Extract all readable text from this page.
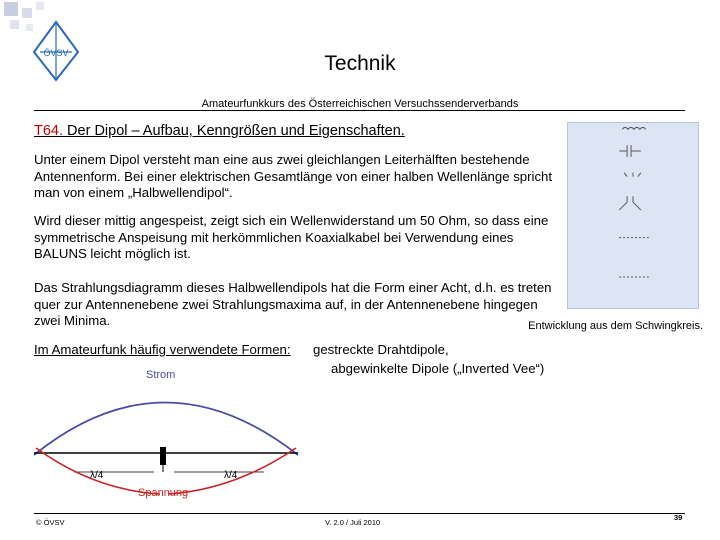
ÖVSV	Technik
Amateurfunkkurs des Österreichischen Versuchssenderverbands
T64. Der Dipol – Aufbau, Kenngrößen und Eigenschaften.
Unter einem Dipol versteht man eine aus zwei gleichlangen Leiterhälften bestehende Antennenform. Bei einer elektrischen Gesamtlänge von einer halben Wellenlänge spricht man von einem „Halbwellendipol“.
Wird dieser mittig angespeist, zeigt sich ein Wellenwiderstand um 50 Ohm, so dass eine symmetrische Anspeisung mit herkömmlichen Koaxialkabel bei Verwendung eines BALUNS leicht möglich ist.
Das Strahlungsdiagramm dieses Halbwellendipols hat die Form einer Acht, d.h. es treten quer zur Antennenebene zwei Strahlungsmaxima auf, in der Antennenebene hingegen zwei Minima.	Entwicklung aus dem Schwingkreis.
Im Amateurfunk häufig verwendete Formen: gestreckte Drahtdipole,
abgewinkelte Dipole („Inverted Vee“)
Strom
λ/4	λ/4
Spannung
© ÖVSV	V. 2.0 / Juli 2010
39
